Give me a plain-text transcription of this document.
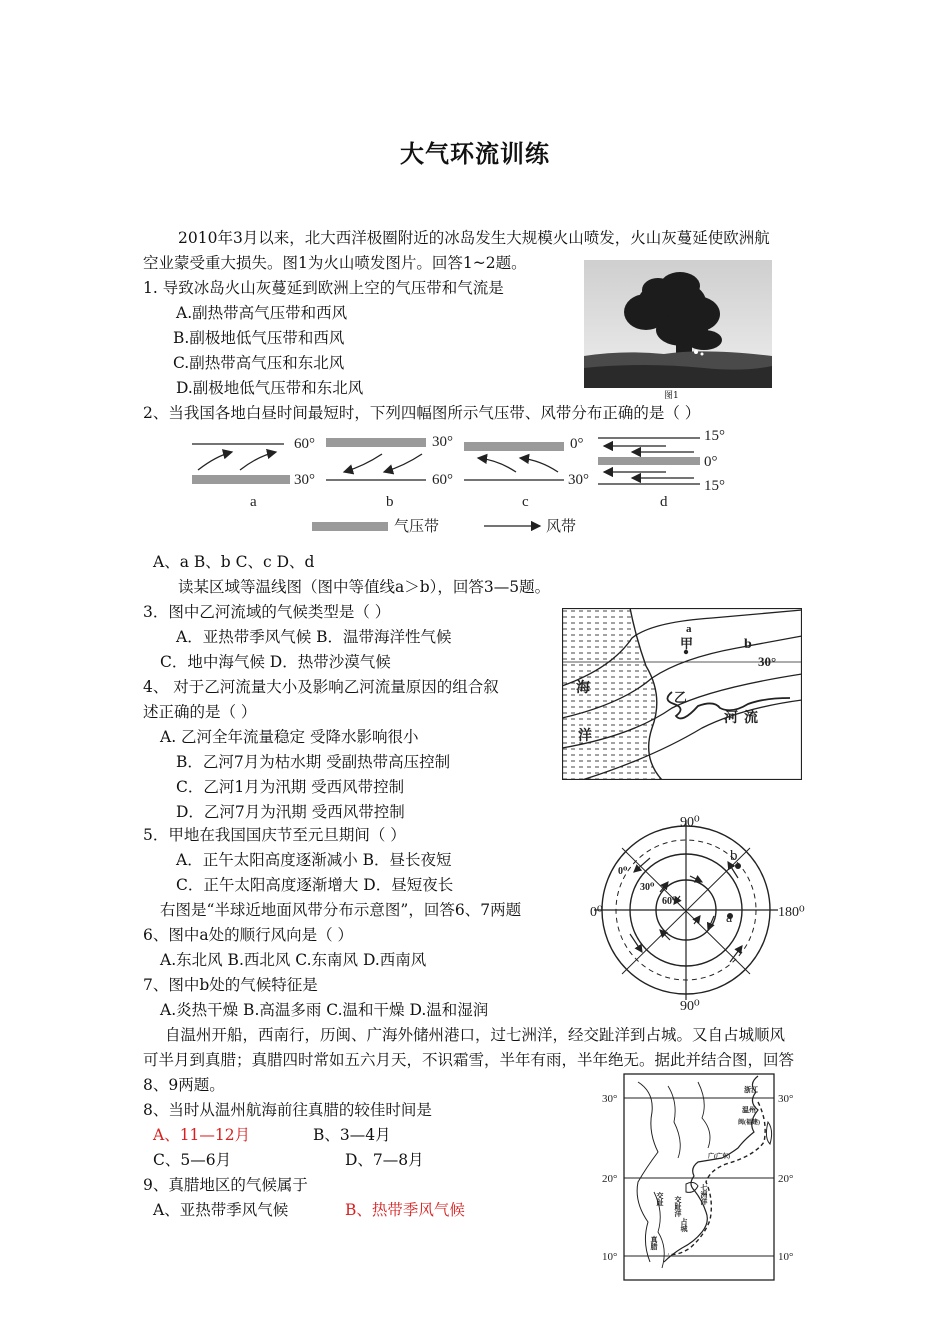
大气环流训练
2010年3月以来，北大西洋极圈附近的冰岛发生大规模火山喷发，火山灰蔓延使欧洲航
空业蒙受重大损失。图1为火山喷发图片。回答1~2题。
1. 导致冰岛火山灰蔓延到欧洲上空的气压带和气流是
A.副热带高气压带和西风
B.副极地低气压带和西风
C.副热带高气压和东北风
D.副极地低气压带和东北风	图1
2、当我国各地白昼时间最短时，下列四幅图所示气压带、风带分布正确的是（ ）
60°
30°
a
30°
60°
b
0°
30°
c
15°
0°
15°
d
气压带	风带
A、a B、b C、c D、d
读某区域等温线图（图中等值线a＞b），回答3—5题。
3．图中乙河流域的气候类型是（ ）
A．亚热带季风气候 B．温带海洋性气候
C．地中海气候 D．热带沙漠气候
4、 对于乙河流量大小及影响乙河流量原因的组合叙
述正确的是（ ）
A. 乙河全年流量稳定 受降水影响很小
B．乙河7月为枯水期 受副热带高压控制
C．乙河1月为汛期 受西风带控制
D．乙河7月为汛期 受西风带控制
a
b
甲
30°
海
洋
乙
河 流
5．甲地在我国国庆节至元旦期间（ ）
A．正午太阳高度逐渐减小 B．昼长夜短
C．正午太阳高度逐渐增大 D．昼短夜长
右图是“半球近地面风带分布示意图”，回答6、7两题
6、图中a处的顺行风向是（ ）
A.东北风 B.西北风 C.东南风 D.西南风
7、图中b处的气候特征是
A.炎热干燥 B.高温多雨 C.温和干燥 D.温和湿润
90⁰
90⁰
0⁰	180⁰
0⁰
30⁰
60⁰
a
b
自温州开船，西南行，历闽、广海外储州港口，过七洲洋，经交趾洋到占城。又自占城顺风
可半月到真腊；真腊四时常如五六月天，不识霜雪，半年有雨，半年绝无。据此并结合图，回答
8、9两题。
8、当时从温州航海前往真腊的较佳时间是
A、11—12月	B、3—4月
C、5—6月	D、7—8月
9、真腊地区的气候属于
A、亚热带季风气候	B、热带季风气候
30°	30°
20°	20°
10°	10°
浙江
温州
闽(福建)
广(广东)
交趾 交趾洋
七洲洋
占城
真腊
